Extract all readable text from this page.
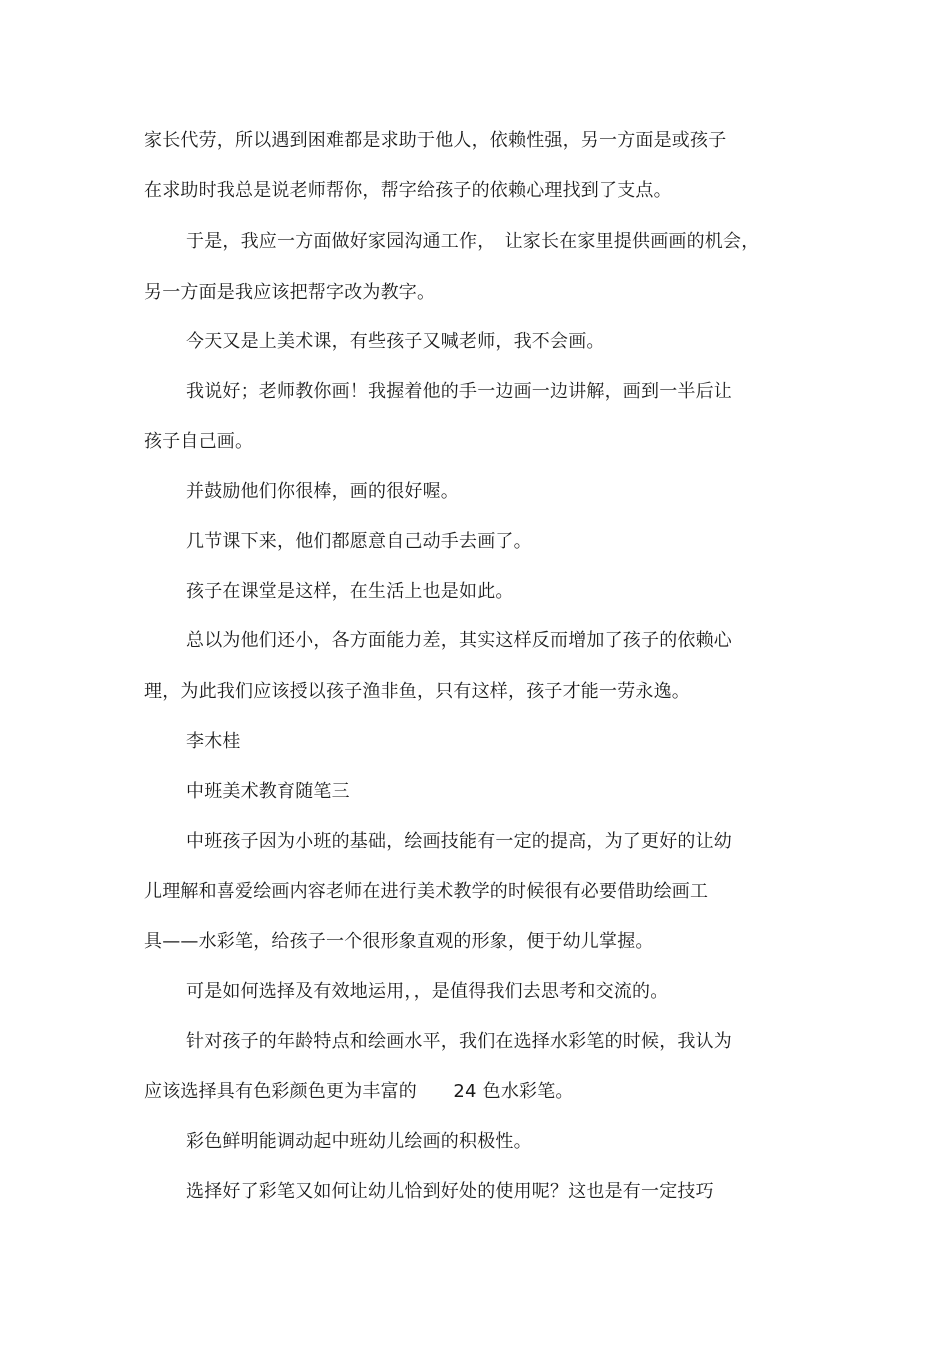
家长代劳，所以遇到困难都是求助于他人，依赖性强，另一方面是或孩子
在求助时我总是说老师帮你，帮字给孩子的依赖心理找到了支点。
于是，我应一方面做好家园沟通工作，　让家长在家里提供画画的机会，
另一方面是我应该把帮字改为教字。
今天又是上美术课，有些孩子又喊老师，我不会画。
我说好；老师教你画！我握着他的手一边画一边讲解，画到一半后让
孩子自己画。
并鼓励他们你很棒，画的很好喔。
几节课下来，他们都愿意自己动手去画了。
孩子在课堂是这样，在生活上也是如此。
总以为他们还小，各方面能力差，其实这样反而增加了孩子的依赖心
理，为此我们应该授以孩子渔非鱼，只有这样，孩子才能一劳永逸。
李木桂
中班美术教育随笔三
中班孩子因为小班的基础，绘画技能有一定的提高，为了更好的让幼
儿理解和喜爱绘画内容老师在进行美术教学的时候很有必要借助绘画工
具——水彩笔，给孩子一个很形象直观的形象，便于幼儿掌握。
可是如何选择及有效地运用，，是值得我们去思考和交流的。
针对孩子的年龄特点和绘画水平，我们在选择水彩笔的时候，我认为
应该选择具有色彩颜色更为丰富的　　24 色水彩笔。
彩色鲜明能调动起中班幼儿绘画的积极性。
选择好了彩笔又如何让幼儿恰到好处的使用呢？这也是有一定技巧
